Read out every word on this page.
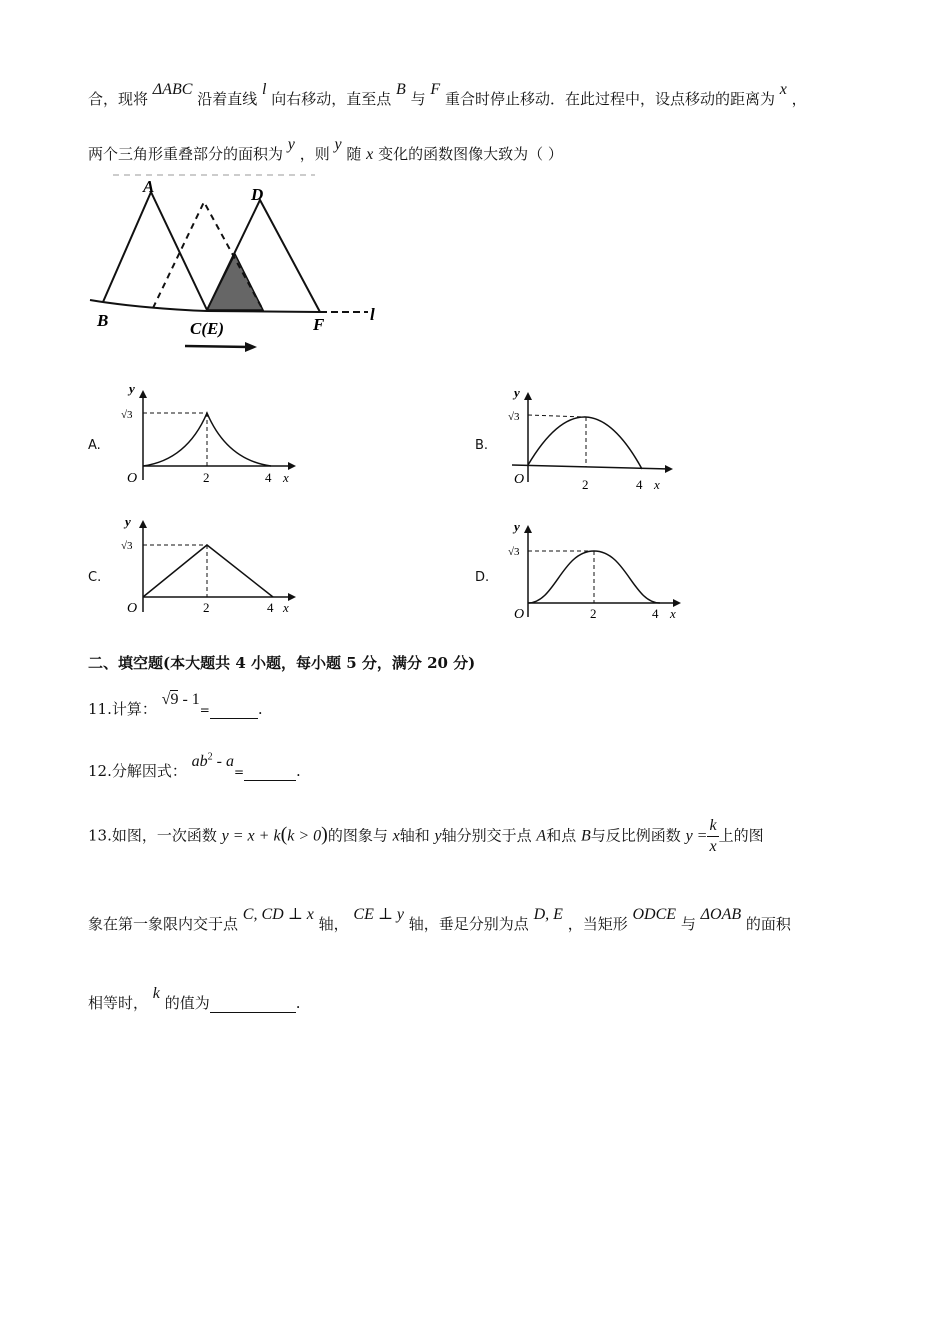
合，现将 ΔABC 沿着直线 l 向右移动，直至点 B 与 F 重合时停止移动．在此过程中，设点移动的距离为 x ，
两个三角形重叠部分的面积为 y ，则 y 随 x 变化的函数图像大致为（ ）
A	D
B	C(E)	F
l
A.
y
√3
O	2	4 x
B.
y
√3
O	2	4 x
C.
y
√3
O	2	4 x
D.
y
√3
O	2	4 x
二、填空题(本大题共 4 小题，每小题 5 分，满分 20 分)
11.计算： √9 - 1=	.
12.分解因式： $ab^2 - a=$	.
13.如图，一次函数 y = x + k(k > 0)的图象与 x轴和 y轴分别交于点 A和点 B与反比例函数 $y = \frac{k}{x}$ 上的图
象在第一象限内交于点 C, CD ⊥ x 轴， CE ⊥ y 轴，垂足分别为点 D, E ，当矩形 ODCE 与 ΔOAB 的面积
相等时， k 的值为	.
